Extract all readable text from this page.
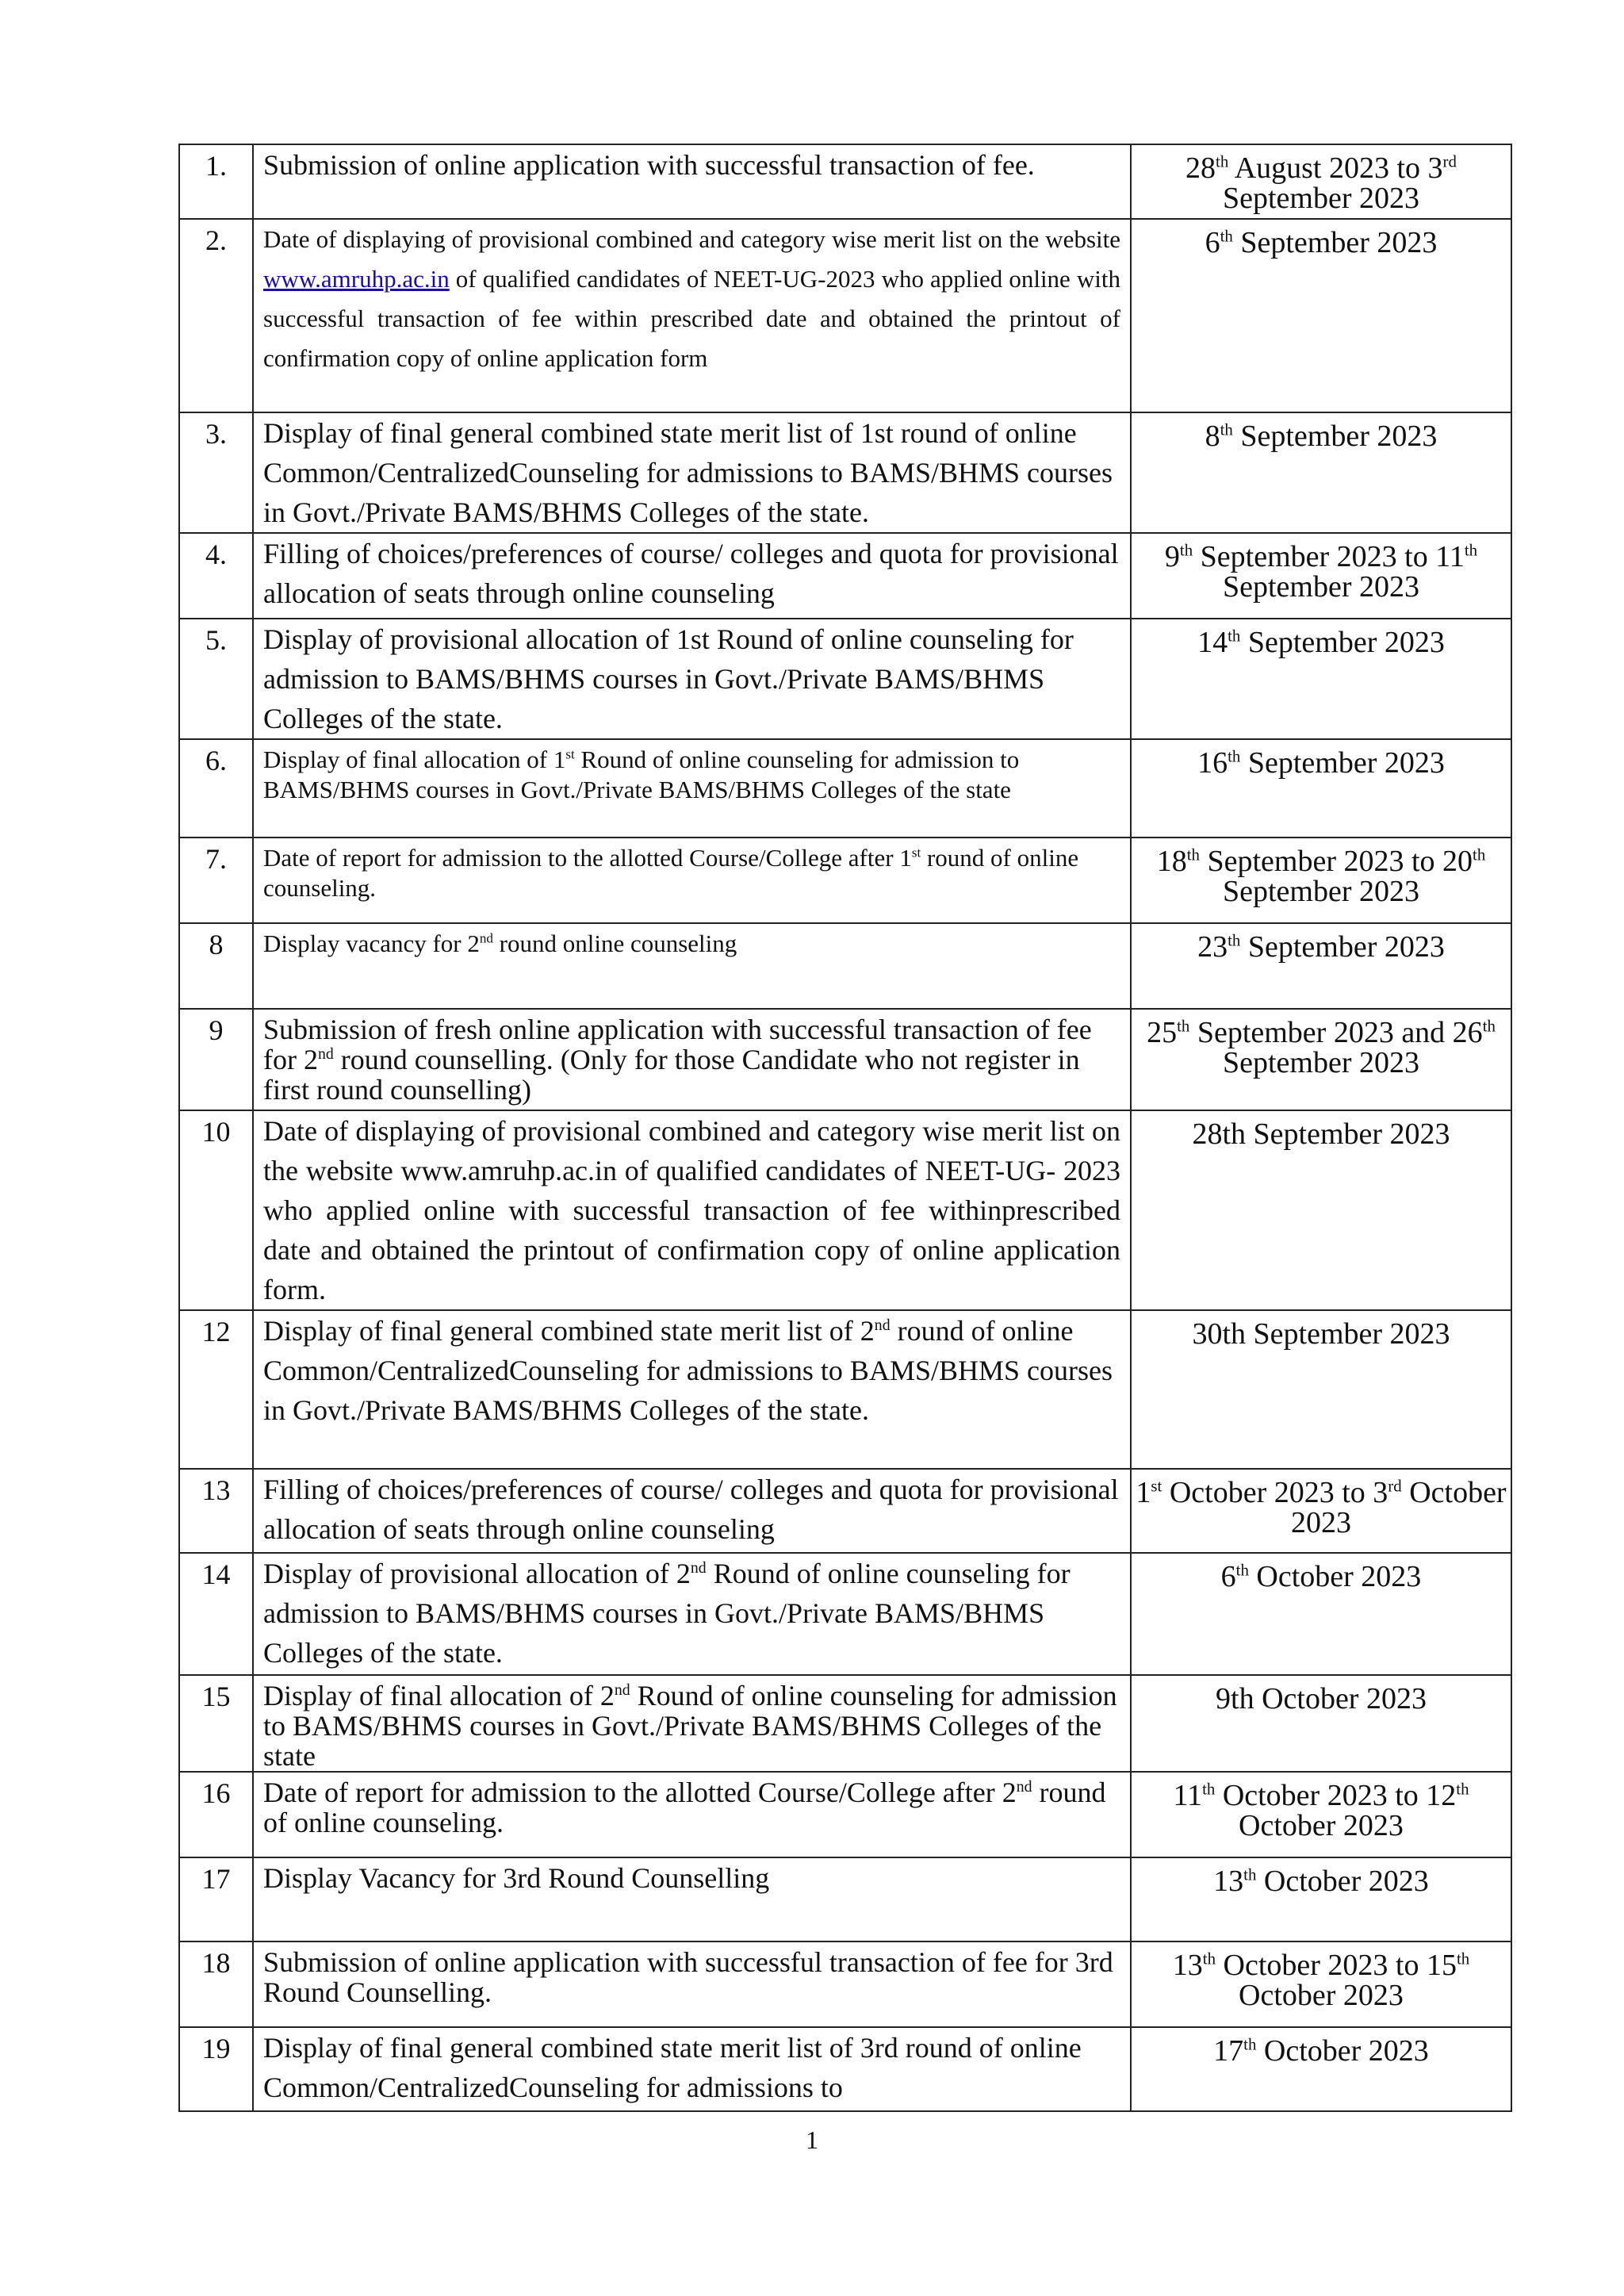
1.	Submission of online application with successful transaction of fee.	28th August 2023 to 3rd September 2023
2.	Date of displaying of provisional combined and category wise merit list on the website www.amruhp.ac.in of qualified candidates of NEET-UG-2023 who applied online with successful transaction of fee within prescribed date and obtained the printout of confirmation copy of online application form	6th September 2023
3.	Display of final general combined state merit list of 1st round of online Common/CentralizedCounseling for admissions to BAMS/BHMS courses in Govt./Private BAMS/BHMS Colleges of the state.	8th September 2023
4.	Filling of choices/preferences of course/ colleges and quota for provisional allocation of seats through online counseling	9th September 2023 to 11th September 2023
5.	Display of provisional allocation of 1st Round of online counseling for admission to BAMS/BHMS courses in Govt./Private BAMS/BHMS Colleges of the state.	14th September 2023
6.	Display of final allocation of 1st Round of online counseling for admission to BAMS/BHMS courses in Govt./Private BAMS/BHMS Colleges of the state	16th September 2023
7.	Date of report for admission to the allotted Course/College after 1st round of online counseling.	18th September 2023 to 20th September 2023
8	Display vacancy for 2nd round online counseling	23th September 2023
9	Submission of fresh online application with successful transaction of fee for 2nd round counselling. (Only for those Candidate who not register in first round counselling)	25th September 2023 and 26th September 2023
10	Date of displaying of provisional combined and category wise merit list on the website www.amruhp.ac.in of qualified candidates of NEET-UG- 2023 who applied online with successful transaction of fee withinprescribed date and obtained the printout of confirmation copy of online application form.	28th September 2023
12	Display of final general combined state merit list of 2nd round of online Common/CentralizedCounseling for admissions to BAMS/BHMS courses in Govt./Private BAMS/BHMS Colleges of the state.	30th September 2023
13	Filling of choices/preferences of course/ colleges and quota for provisional allocation of seats through online counseling	1st October 2023 to 3rd October 2023
14	Display of provisional allocation of 2nd Round of online counseling for admission to BAMS/BHMS courses in Govt./Private BAMS/BHMS Colleges of the state.	6th October 2023
15	Display of final allocation of 2nd Round of online counseling for admission to BAMS/BHMS courses in Govt./Private BAMS/BHMS Colleges of the state	9th October 2023
16	Date of report for admission to the allotted Course/College after 2nd round of online counseling.	11th October 2023 to 12th October 2023
17	Display Vacancy for 3rd Round Counselling	13th October 2023
18	Submission of online application with successful transaction of fee for 3rd Round Counselling.	13th October 2023 to 15th October 2023
19	Display of final general combined state merit list of 3rd round of online Common/CentralizedCounseling for admissions to	17th October 2023
1
